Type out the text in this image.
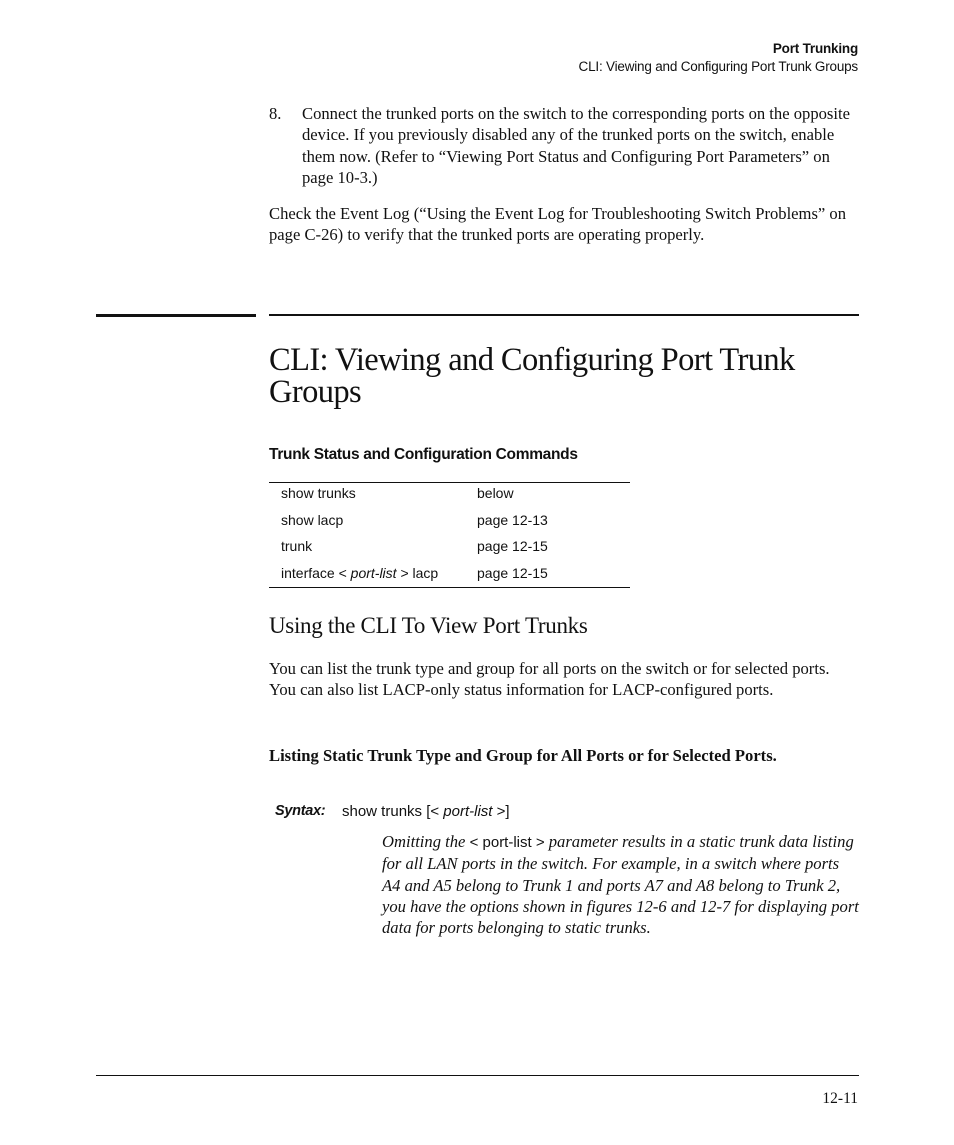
Port Trunking
CLI: Viewing and Configuring Port Trunk Groups
8. Connect the trunked ports on the switch to the corresponding ports on the opposite device. If you previously disabled any of the trunked ports on the switch, enable them now. (Refer to “Viewing Port Status and Configuring Port Parameters” on page 10-3.)
Check the Event Log (“Using the Event Log for Troubleshooting Switch Problems” on page C-26) to verify that the trunked ports are operating properly.
CLI: Viewing and Configuring Port Trunk Groups
Trunk Status and Configuration Commands
show trunks	below
show lacp	page 12-13
trunk	page 12-15
interface < port-list > lacp	page 12-15
Using the CLI To View Port Trunks
You can list the trunk type and group for all ports on the switch or for selected ports. You can also list LACP-only status information for LACP-configured ports.
Listing Static Trunk Type and Group for All Ports or for Selected Ports.
Syntax: show trunks [< port-list >]
Omitting the < port-list > parameter results in a static trunk data listing for all LAN ports in the switch. For example, in a switch where ports A4 and A5 belong to Trunk 1 and ports A7 and A8 belong to Trunk 2, you have the options shown in figures 12-6 and 12-7 for displaying port data for ports belonging to static trunks.
12-11
